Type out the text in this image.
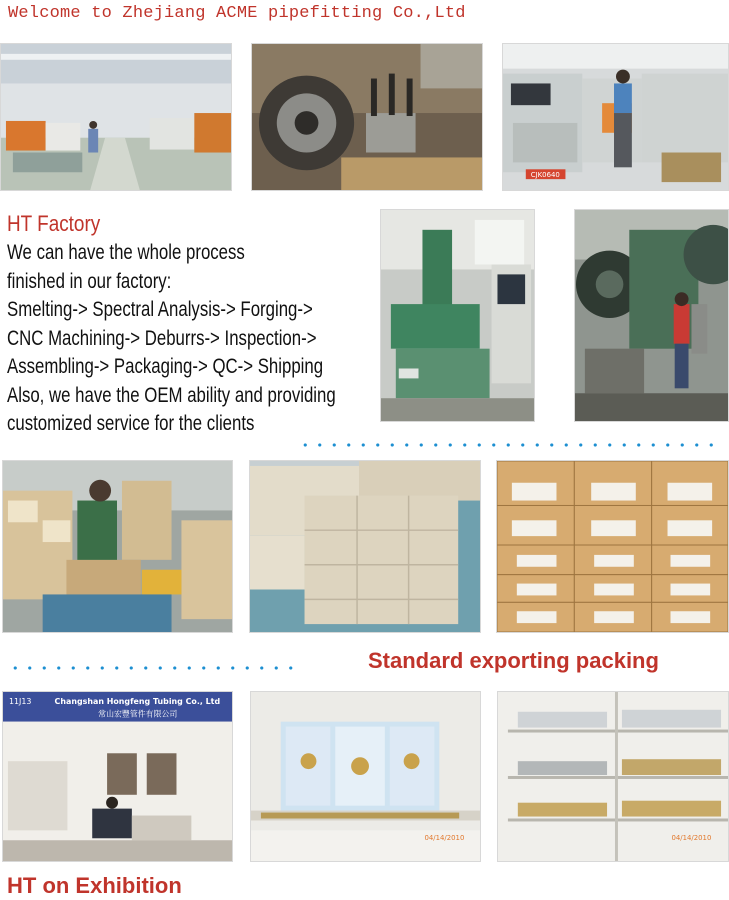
Welcome to Zhejiang ACME pipefitting Co.,Ltd
CJK0640
HT Factory
We can have the whole process
finished in our factory:
Smelting-> Spectral Analysis-> Forging->
CNC Machining-> Deburrs-> Inspection->
Assembling-> Packaging-> QC-> Shipping
Also, we have the OEM ability and providing
customized service for the clients
Standard exporting packing
11J13	Changshan Hongfeng Tubing Co., Ltd
常山宏豐管件有限公司
04/14/2010	04/14/2010
HT on Exhibition
